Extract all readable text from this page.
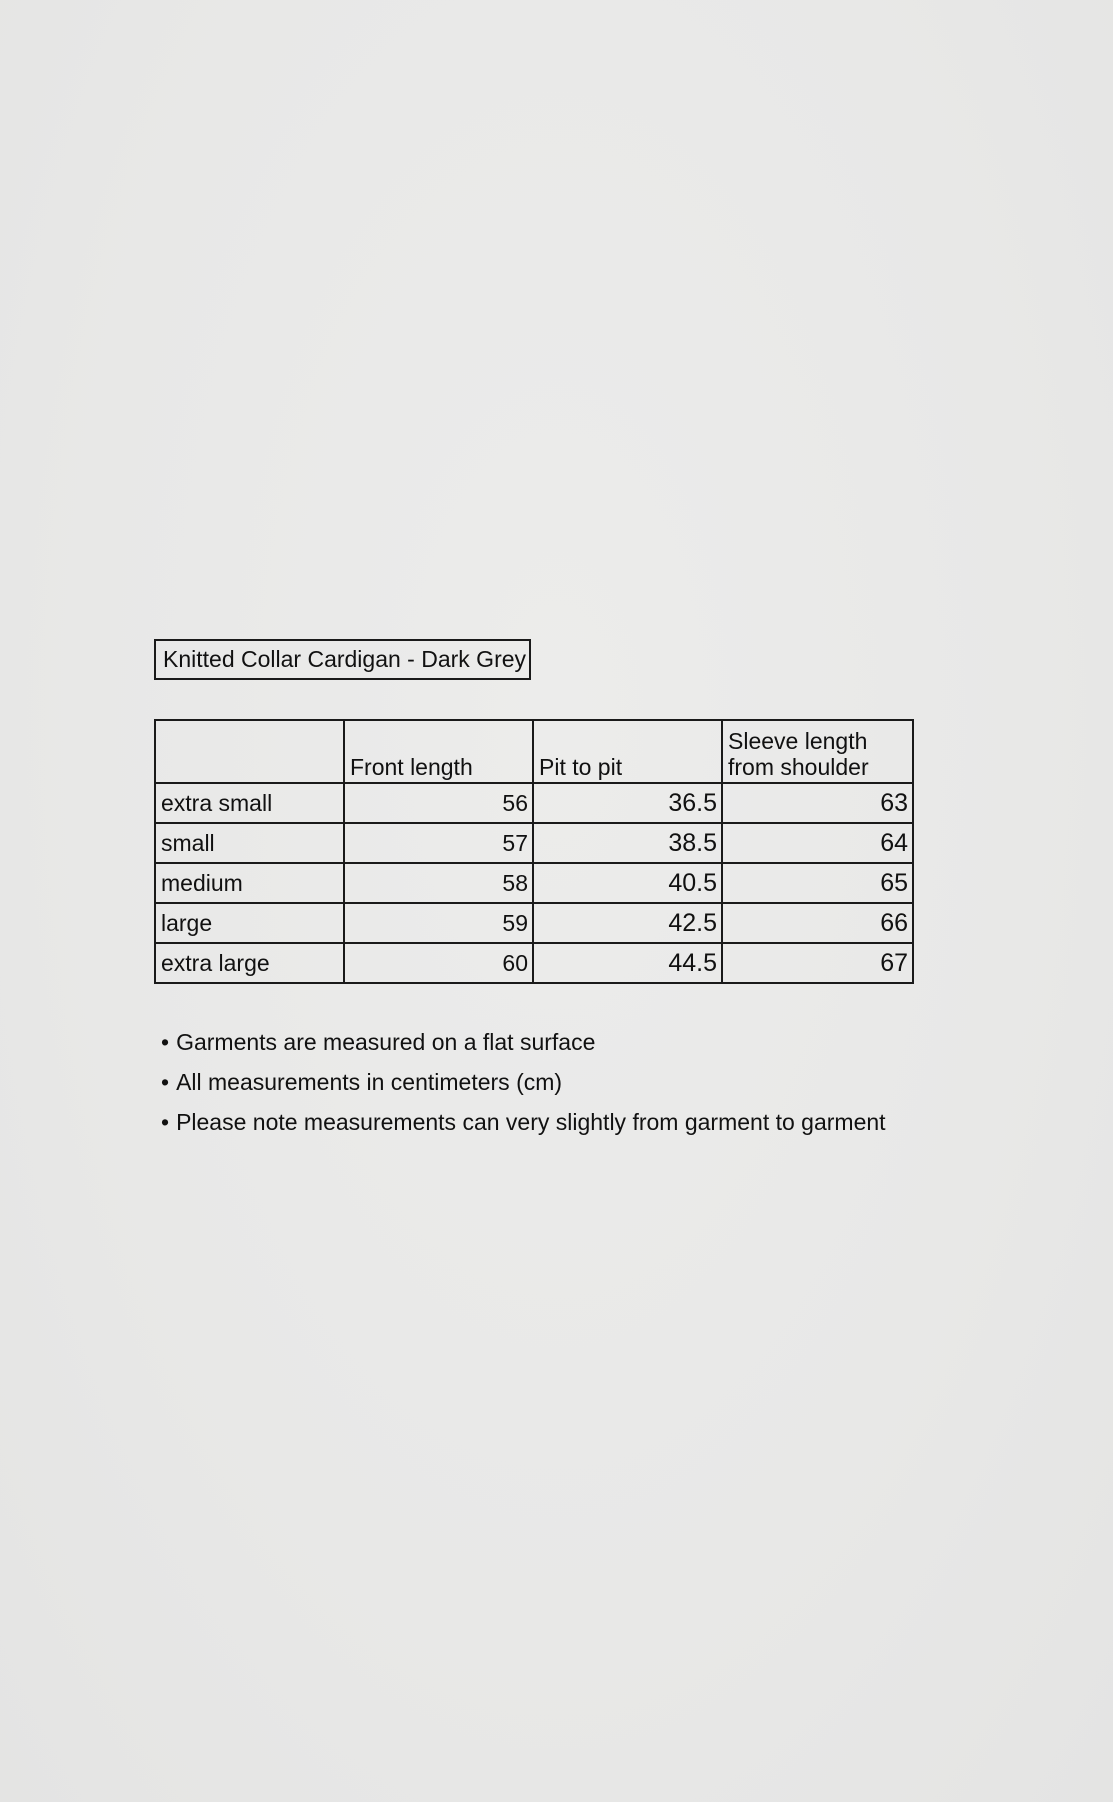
Knitted Collar Cardigan - Dark Grey
	Front length	Pit to pit	Sleeve length from shoulder
extra small	56	36.5	63
small	57	38.5	64
medium	58	40.5	65
large	59	42.5	66
extra large	60	44.5	67
• Garments are measured on a flat surface
• All measurements in centimeters (cm)
• Please note measurements can very slightly from garment to garment
